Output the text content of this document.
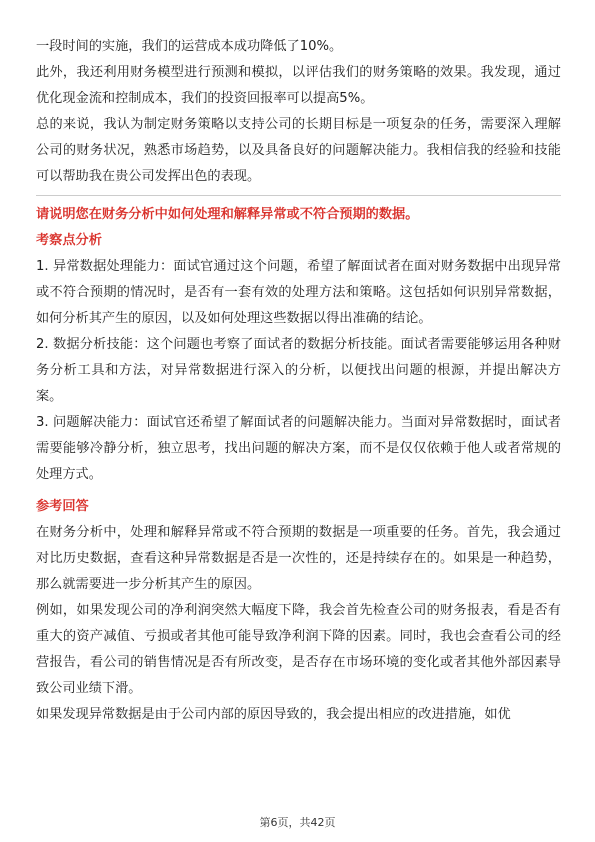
一段时间的实施，我们的运营成本成功降低了10%。

此外，我还利用财务模型进行预测和模拟，以评估我们的财务策略的效果。我发现，通过优化现金流和控制成本，我们的投资回报率可以提高5%。

总的来说，我认为制定财务策略以支持公司的长期目标是一项复杂的任务，需要深入理解公司的财务状况，熟悉市场趋势，以及具备良好的问题解决能力。我相信我的经验和技能可以帮助我在贵公司发挥出色的表现。

请说明您在财务分析中如何处理和解释异常或不符合预期的数据。

考察点分析

1. 异常数据处理能力：面试官通过这个问题，希望了解面试者在面对财务数据中出现异常或不符合预期的情况时，是否有一套有效的处理方法和策略。这包括如何识别异常数据，如何分析其产生的原因，以及如何处理这些数据以得出准确的结论。

2. 数据分析技能：这个问题也考察了面试者的数据分析技能。面试者需要能够运用各种财务分析工具和方法，对异常数据进行深入的分析，以便找出问题的根源，并提出解决方案。

3. 问题解决能力：面试官还希望了解面试者的问题解决能力。当面对异常数据时，面试者需要能够冷静分析，独立思考，找出问题的解决方案，而不是仅仅依赖于他人或者常规的处理方式。

参考回答

在财务分析中，处理和解释异常或不符合预期的数据是一项重要的任务。首先，我会通过对比历史数据，查看这种异常数据是否是一次性的，还是持续存在的。如果是一种趋势，那么就需要进一步分析其产生的原因。

例如，如果发现公司的净利润突然大幅度下降，我会首先检查公司的财务报表，看是否有重大的资产减值、亏损或者其他可能导致净利润下降的因素。同时，我也会查看公司的经营报告，看公司的销售情况是否有所改变，是否存在市场环境的变化或者其他外部因素导致公司业绩下滑。

如果发现异常数据是由于公司内部的原因导致的，我会提出相应的改进措施，如优

第6页，共42页
